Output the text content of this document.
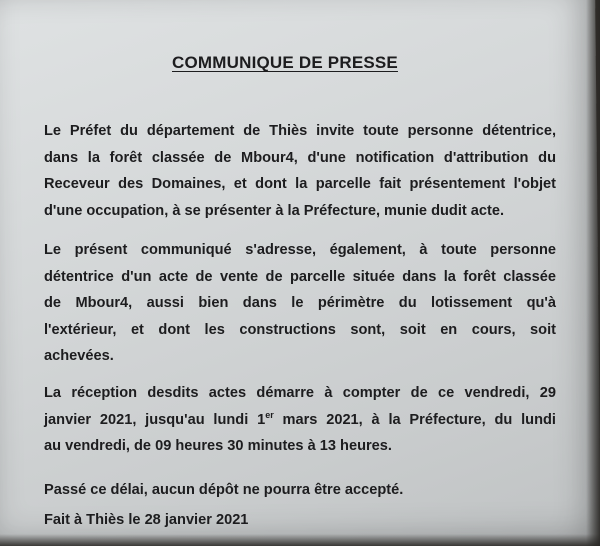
COMMUNIQUE DE PRESSE
Le Préfet du département de Thiès invite toute personne détentrice,
dans la forêt classée de Mbour4, d'une notification d'attribution du
Receveur des Domaines, et dont la parcelle fait présentement l'objet
d'une occupation, à se présenter à la Préfecture, munie dudit acte.
Le présent communiqué s'adresse, également, à toute personne
détentrice d'un acte de vente de parcelle située dans la forêt classée
de Mbour4, aussi bien dans le périmètre du lotissement qu'à
l'extérieur, et dont les constructions sont, soit en cours, soit
achevées.
La réception desdits actes démarre à compter de ce vendredi, 29
janvier 2021, jusqu'au lundi 1er mars 2021, à la Préfecture, du lundi
au vendredi, de 09 heures 30 minutes à 13 heures.
Passé ce délai, aucun dépôt ne pourra être accepté.
Fait à Thiès le 28 janvier 2021
